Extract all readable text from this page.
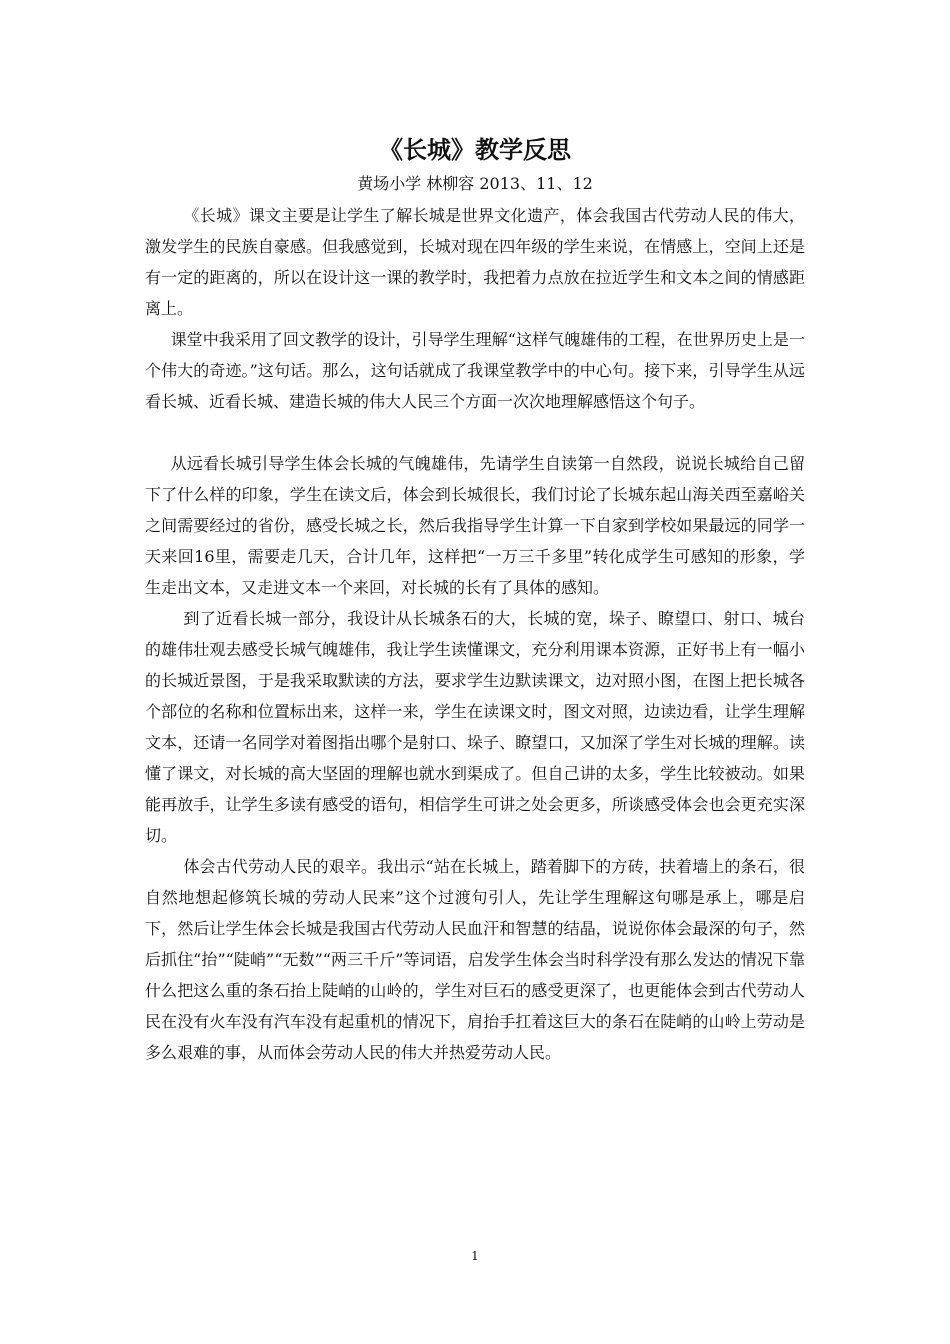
《长城》教学反思

黄场小学 林柳容 2013、11、12

《长城》课文主要是让学生了解长城是世界文化遗产，体会我国古代劳动人民的伟大，激发学生的民族自豪感。但我感觉到，长城对现在四年级的学生来说，在情感上，空间上还是有一定的距离的，所以在设计这一课的教学时，我把着力点放在拉近学生和文本之间的情感距离上。

课堂中我采用了回文教学的设计，引导学生理解“这样气魄雄伟的工程，在世界历史上是一个伟大的奇迹。”这句话。那么，这句话就成了我课堂教学中的中心句。接下来，引导学生从远看长城、近看长城、建造长城的伟大人民三个方面一次次地理解感悟这个句子。

从远看长城引导学生体会长城的气魄雄伟，先请学生自读第一自然段，说说长城给自己留下了什么样的印象，学生在读文后，体会到长城很长，我们讨论了长城东起山海关西至嘉峪关之间需要经过的省份，感受长城之长，然后我指导学生计算一下自家到学校如果最远的同学一天来回16里，需要走几天，合计几年，这样把“一万三千多里”转化成学生可感知的形象，学生走出文本，又走进文本一个来回，对长城的长有了具体的感知。

到了近看长城一部分，我设计从长城条石的大，长城的宽，垛子、瞭望口、射口、城台的雄伟壮观去感受长城气魄雄伟，我让学生读懂课文，充分利用课本资源，正好书上有一幅小的长城近景图，于是我采取默读的方法，要求学生边默读课文，边对照小图，在图上把长城各个部位的名称和位置标出来，这样一来，学生在读课文时，图文对照，边读边看，让学生理解文本，还请一名同学对着图指出哪个是射口、垛子、瞭望口，又加深了学生对长城的理解。读懂了课文，对长城的高大坚固的理解也就水到渠成了。但自己讲的太多，学生比较被动。如果能再放手，让学生多读有感受的语句，相信学生可讲之处会更多，所谈感受体会也会更充实深切。

体会古代劳动人民的艰辛。我出示“站在长城上，踏着脚下的方砖，扶着墙上的条石，很自然地想起修筑长城的劳动人民来”这个过渡句引人，先让学生理解这句哪是承上，哪是启下，然后让学生体会长城是我国古代劳动人民血汗和智慧的结晶，说说你体会最深的句子，然后抓住“抬”“陡峭”“无数”“两三千斤”等词语，启发学生体会当时科学没有那么发达的情况下靠什么把这么重的条石抬上陡峭的山岭的，学生对巨石的感受更深了，也更能体会到古代劳动人民在没有火车没有汽车没有起重机的情况下，肩抬手扛着这巨大的条石在陡峭的山岭上劳动是多么艰难的事，从而体会劳动人民的伟大并热爱劳动人民。

1
